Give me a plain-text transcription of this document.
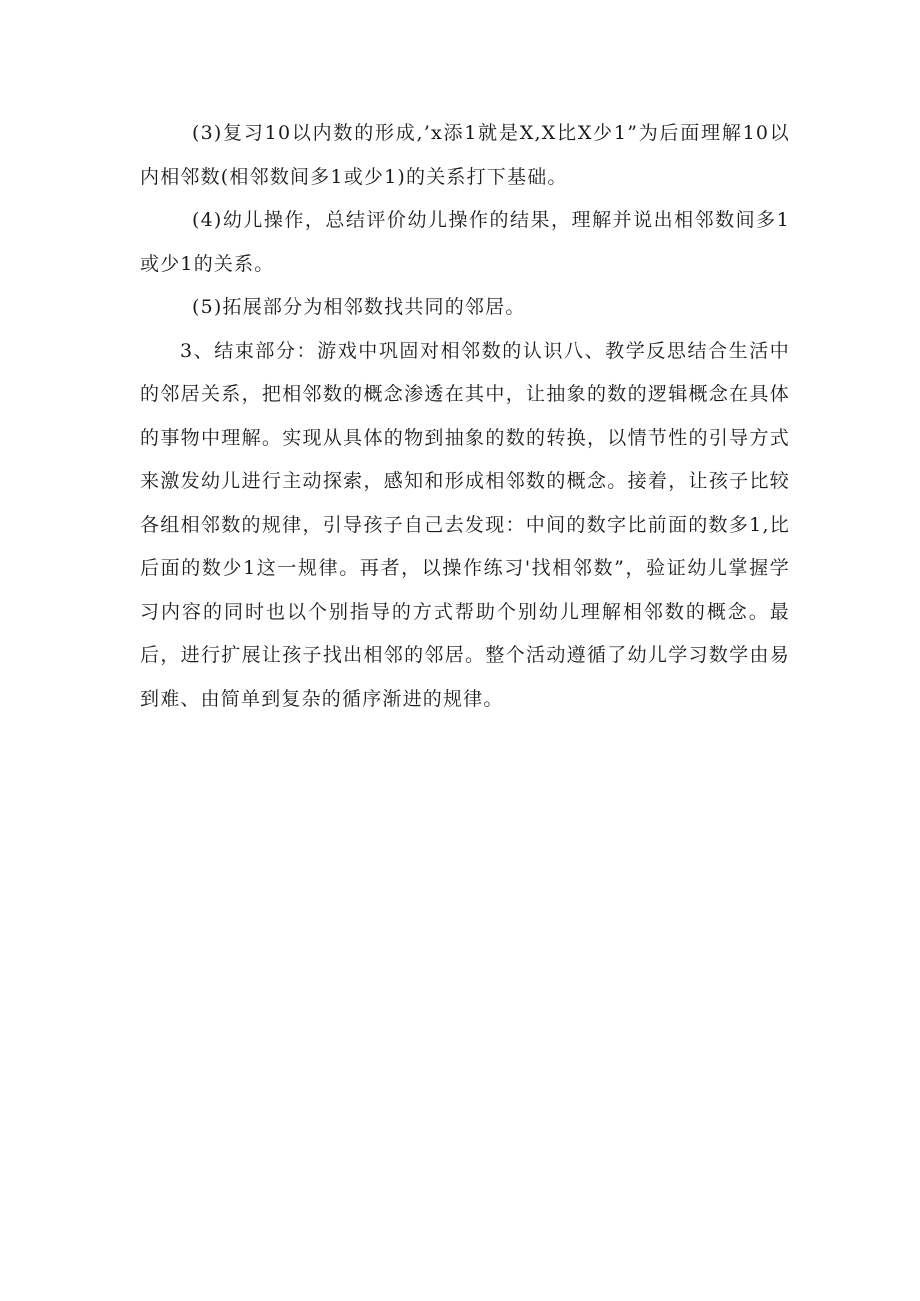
(3)复习10以内数的形成,’x添1就是X,X比X少1”为后面理解10以内相邻数(相邻数间多1或少1)的关系打下基础。

(4)幼儿操作，总结评价幼儿操作的结果，理解并说出相邻数间多1或少1的关系。

(5)拓展部分为相邻数找共同的邻居。

3、结束部分：游戏中巩固对相邻数的认识八、教学反思结合生活中的邻居关系，把相邻数的概念渗透在其中，让抽象的数的逻辑概念在具体的事物中理解。实现从具体的物到抽象的数的转换，以情节性的引导方式来激发幼儿进行主动探索，感知和形成相邻数的概念。接着，让孩子比较各组相邻数的规律，引导孩子自己去发现：中间的数字比前面的数多1,比后面的数少1这一规律。再者，以操作练习'找相邻数”，验证幼儿掌握学习内容的同时也以个别指导的方式帮助个别幼儿理解相邻数的概念。最后，进行扩展让孩子找出相邻的邻居。整个活动遵循了幼儿学习数学由易到难、由简单到复杂的循序渐进的规律。
